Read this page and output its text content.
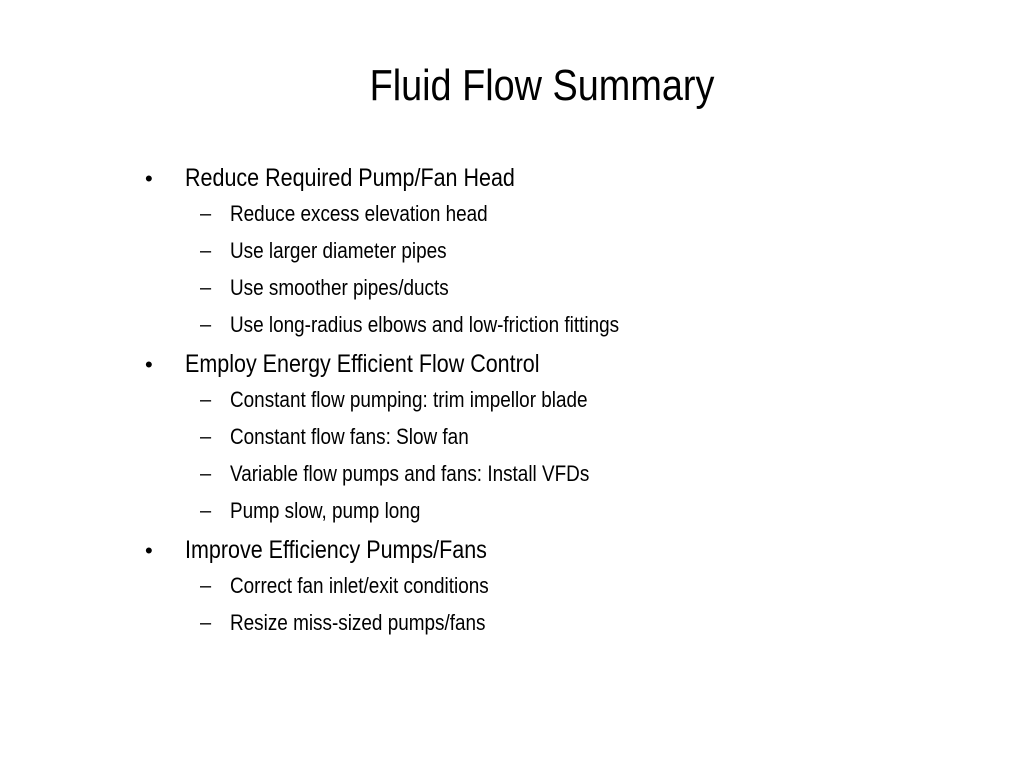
Fluid Flow Summary
• Reduce Required Pump/Fan Head
– Reduce excess elevation head
– Use larger diameter pipes
– Use smoother pipes/ducts
– Use long-radius elbows and low-friction fittings
• Employ Energy Efficient Flow Control
– Constant flow pumping: trim impellor blade
– Constant flow fans: Slow fan
– Variable flow pumps and fans: Install VFDs
– Pump slow, pump long
• Improve Efficiency Pumps/Fans
– Correct fan inlet/exit conditions
– Resize miss-sized pumps/fans
